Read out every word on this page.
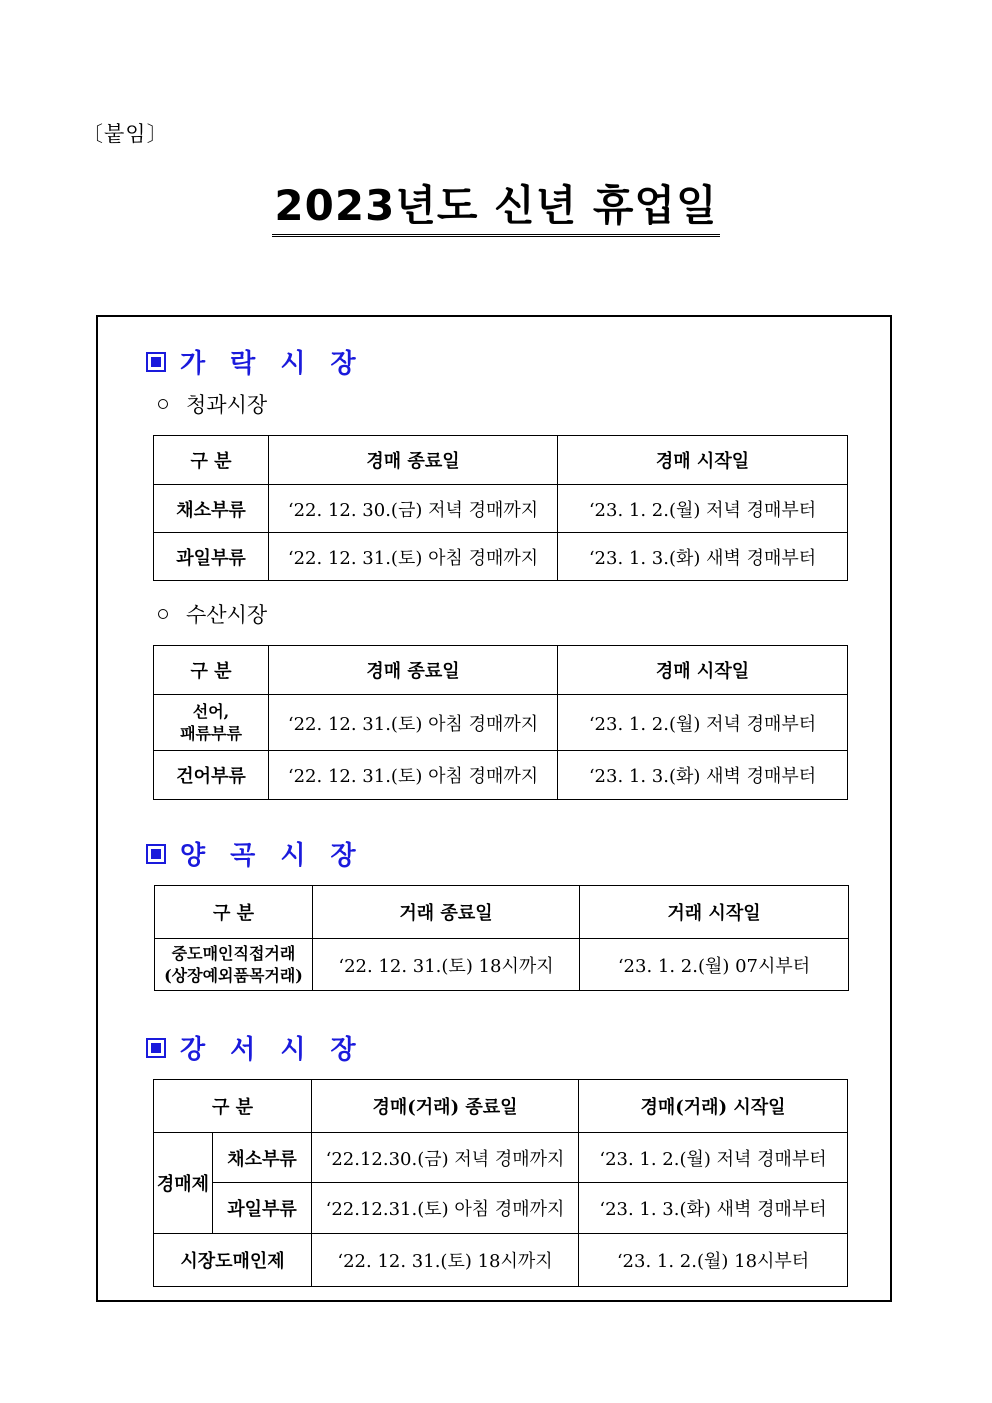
〔붙임〕
2023년도 신년 휴업일
가 락 시 장
청과시장
구 분	경매 종료일	경매 시작일
채소부류	‘22. 12. 30.(금) 저녁 경매까지	‘23. 1. 2.(월) 저녁 경매부터
과일부류	‘22. 12. 31.(토) 아침 경매까지	‘23. 1. 3.(화) 새벽 경매부터
수산시장
구 분	경매 종료일	경매 시작일

선어,
패류부류	‘22. 12. 31.(토) 아침 경매까지	‘23. 1. 2.(월) 저녁 경매부터
건어부류	‘22. 12. 31.(토) 아침 경매까지	‘23. 1. 3.(화) 새벽 경매부터
양 곡 시 장
구 분	거래 종료일	거래 시작일

중도매인직접거래
(상장예외품목거래)	‘22. 12. 31.(토) 18시까지	‘23. 1. 2.(월) 07시부터
강 서 시 장
구 분		경매(거래) 종료일	경매(거래) 시작일
경매제	채소부류	‘22.12.30.(금) 저녁 경매까지	‘23. 1. 2.(월) 저녁 경매부터
	과일부류	‘22.12.31.(토) 아침 경매까지	‘23. 1. 3.(화) 새벽 경매부터
시장도매인제		‘22. 12. 31.(토) 18시까지	‘23. 1. 2.(월) 18시부터
